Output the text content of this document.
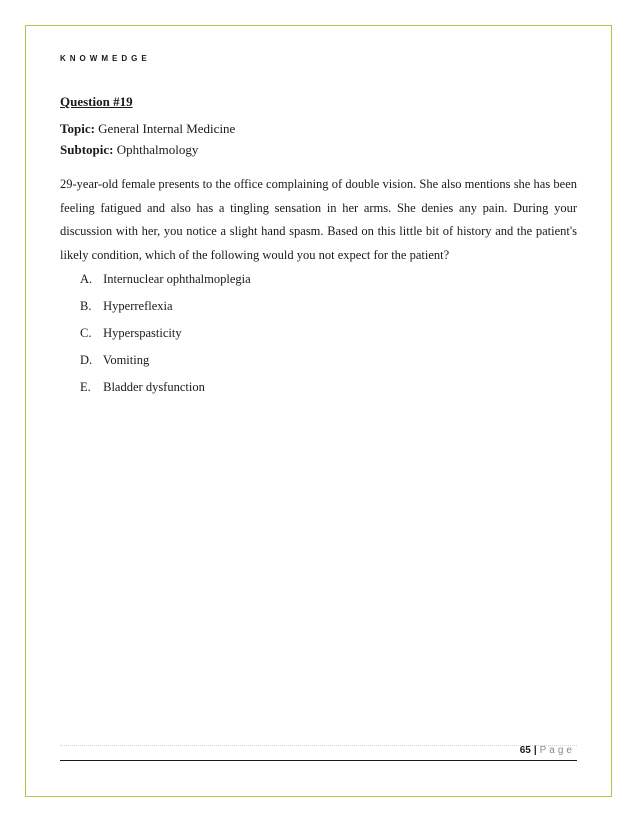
KNOWMEDGE
Question #19
Topic: General Internal Medicine
Subtopic: Ophthalmology
29-year-old female presents to the office complaining of double vision. She also mentions she has been feeling fatigued and also has a tingling sensation in her arms. She denies any pain. During your discussion with her, you notice a slight hand spasm. Based on this little bit of history and the patient's likely condition, which of the following would you not expect for the patient?
A. Internuclear ophthalmoplegia
B. Hyperreflexia
C. Hyperspasticity
D. Vomiting
E. Bladder dysfunction
65 | Page
